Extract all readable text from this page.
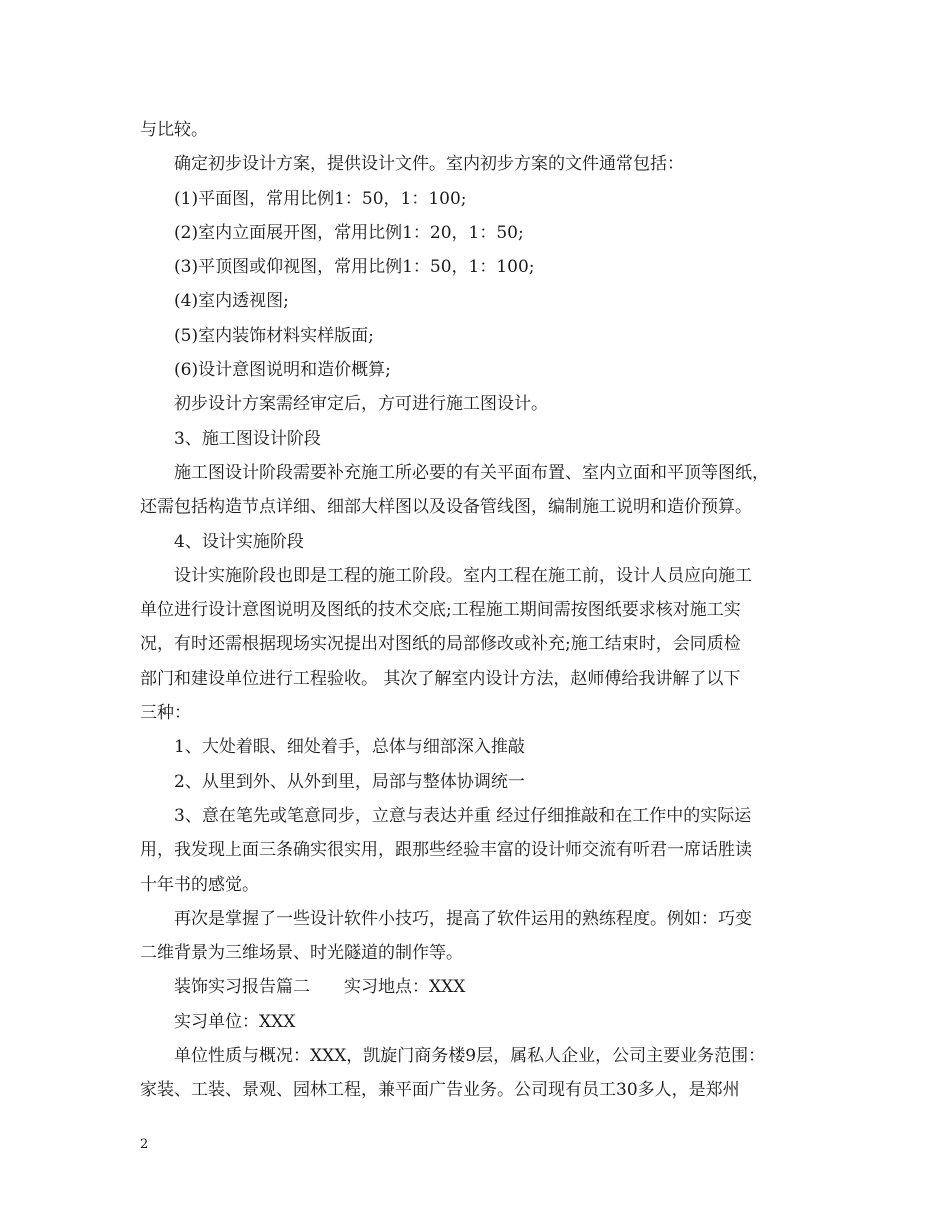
与比较。
确定初步设计方案，提供设计文件。室内初步方案的文件通常包括：
(1)平面图，常用比例1：50，1：100;
(2)室内立面展开图，常用比例1：20，1：50;
(3)平顶图或仰视图，常用比例1：50，1：100;
(4)室内透视图;
(5)室内装饰材料实样版面;
(6)设计意图说明和造价概算;
初步设计方案需经审定后，方可进行施工图设计。
3、施工图设计阶段
施工图设计阶段需要补充施工所必要的有关平面布置、室内立面和平顶等图纸，
还需包括构造节点详细、细部大样图以及设备管线图，编制施工说明和造价预算。
4、设计实施阶段
设计实施阶段也即是工程的施工阶段。室内工程在施工前，设计人员应向施工
单位进行设计意图说明及图纸的技术交底;工程施工期间需按图纸要求核对施工实
况，有时还需根据现场实况提出对图纸的局部修改或补充;施工结束时，会同质检
部门和建设单位进行工程验收。 其次了解室内设计方法，赵师傅给我讲解了以下
三种：
1、大处着眼、细处着手，总体与细部深入推敲
2、从里到外、从外到里，局部与整体协调统一
3、意在笔先或笔意同步，立意与表达并重 经过仔细推敲和在工作中的实际运
用，我发现上面三条确实很实用，跟那些经验丰富的设计师交流有听君一席话胜读
十年书的感觉。
再次是掌握了一些设计软件小技巧，提高了软件运用的熟练程度。例如：巧变
二维背景为三维场景、时光隧道的制作等。
装饰实习报告篇二　　实习地点：XXX
实习单位：XXX
单位性质与概况：XXX，凯旋门商务楼9层，属私人企业，公司主要业务范围：
家装、工装、景观、园林工程，兼平面广告业务。公司现有员工30多人，是郑州
2
